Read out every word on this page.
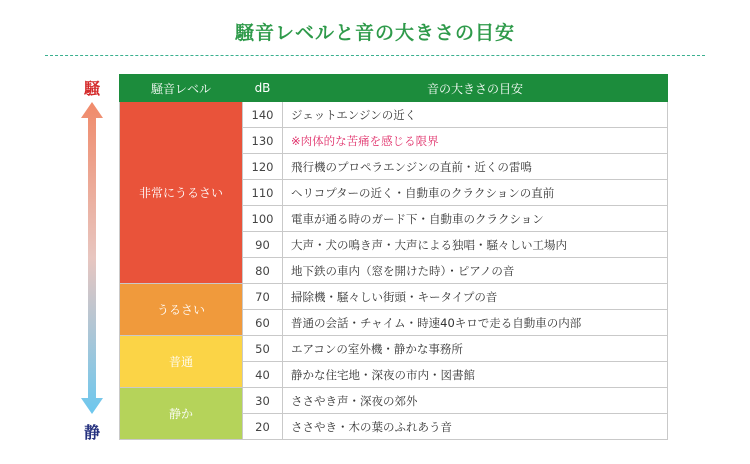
騒音レベルと音の大きさの目安
騒
静
騒音レベル	dB	音の大きさの目安
非常にうるさい	140	ジェットエンジンの近く
	130	※肉体的な苦痛を感じる限界
	120	飛行機のプロペラエンジンの直前・近くの雷鳴
	110	ヘリコプターの近く・自動車のクラクションの直前
	100	電車が通る時のガード下・自動車のクラクション
	90	大声・犬の鳴き声・大声による独唱・騒々しい工場内
	80	地下鉄の車内（窓を開けた時）・ピアノの音
うるさい	70	掃除機・騒々しい街頭・キータイプの音
	60	普通の会話・チャイム・時速40キロで走る自動車の内部
普通	50	エアコンの室外機・静かな事務所
	40	静かな住宅地・深夜の市内・図書館
静か	30	ささやき声・深夜の郊外
	20	ささやき・木の葉のふれあう音
